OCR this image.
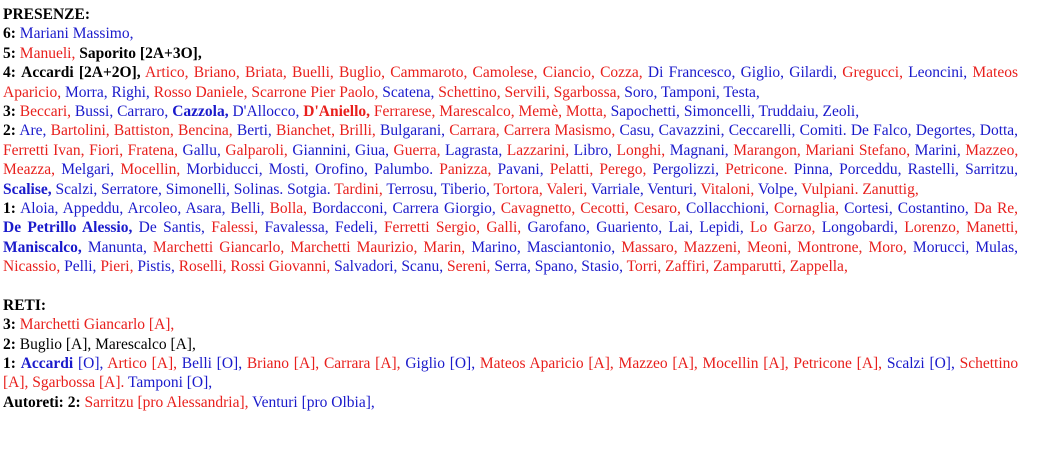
PRESENZE:
6: Mariani Massimo,
5: Manueli, Saporito [2A+3O],
4: Accardi [2A+2O], Artico, Briano, Briata, Buelli, Buglio, Cammaroto, Camolese, Ciancio, Cozza, Di Francesco, Giglio, Gilardi, Gregucci, Leoncini, Mateos Aparicio, Morra, Righi, Rosso Daniele, Scarrone Pier Paolo, Scatena, Schettino, Servili, Sgarbossa, Soro, Tamponi, Testa,
3: Beccari, Bussi, Carraro, Cazzola, D'Allocco, D'Aniello, Ferrarese, Marescalco, Memè, Motta, Sapochetti, Simoncelli, Truddaiu, Zeoli,
2: Are, Bartolini, Battiston, Bencina, Berti, Bianchet, Brilli, Bulgarani, Carrara, Carrera Masismo, Casu, Cavazzini, Ceccarelli, Comiti. De Falco, Degortes, Dotta, Ferretti Ivan, Fiori, Fratena, Gallu, Galparoli, Giannini, Giua, Guerra, Lagrasta, Lazzarini, Libro, Longhi, Magnani, Marangon, Mariani Stefano, Marini, Mazzeo, Meazza, Melgari, Mocellin, Morbiducci, Mosti, Orofino, Palumbo. Panizza, Pavani, Pelatti, Perego, Pergolizzi, Petricone. Pinna, Porceddu, Rastelli, Sarritzu, Scalise, Scalzi, Serratore, Simonelli, Solinas. Sotgia. Tardini, Terrosu, Tiberio, Tortora, Valeri, Varriale, Venturi, Vitaloni, Volpe, Vulpiani. Zanuttig,
1: Aloia, Appeddu, Arcoleo, Asara, Belli, Bolla, Bordacconi, Carrera Giorgio, Cavagnetto, Cecotti, Cesaro, Collacchioni, Cornaglia, Cortesi, Costantino, Da Re, De Petrillo Alessio, De Santis, Falessi, Favalessa, Fedeli, Ferretti Sergio, Galli, Garofano, Guariento, Lai, Lepidi, Lo Garzo, Longobardi, Lorenzo, Manetti, Maniscalco, Manunta, Marchetti Giancarlo, Marchetti Maurizio, Marin, Marino, Masciantonio, Massaro, Mazzeni, Meoni, Montrone, Moro, Morucci, Mulas, Nicassio, Pelli, Pieri, Pistis, Roselli, Rossi Giovanni, Salvadori, Scanu, Sereni, Serra, Spano, Stasio, Torri, Zaffiri, Zamparutti, Zappella,
RETI:
3: Marchetti Giancarlo [A],
2: Buglio [A], Marescalco [A],
1: Accardi [O], Artico [A], Belli [O], Briano [A], Carrara [A], Giglio [O], Mateos Aparicio [A], Mazzeo [A], Mocellin [A], Petricone [A], Scalzi [O], Schettino [A], Sgarbossa [A]. Tamponi [O],
Autoreti: 2: Sarritzu [pro Alessandria], Venturi [pro Olbia],
